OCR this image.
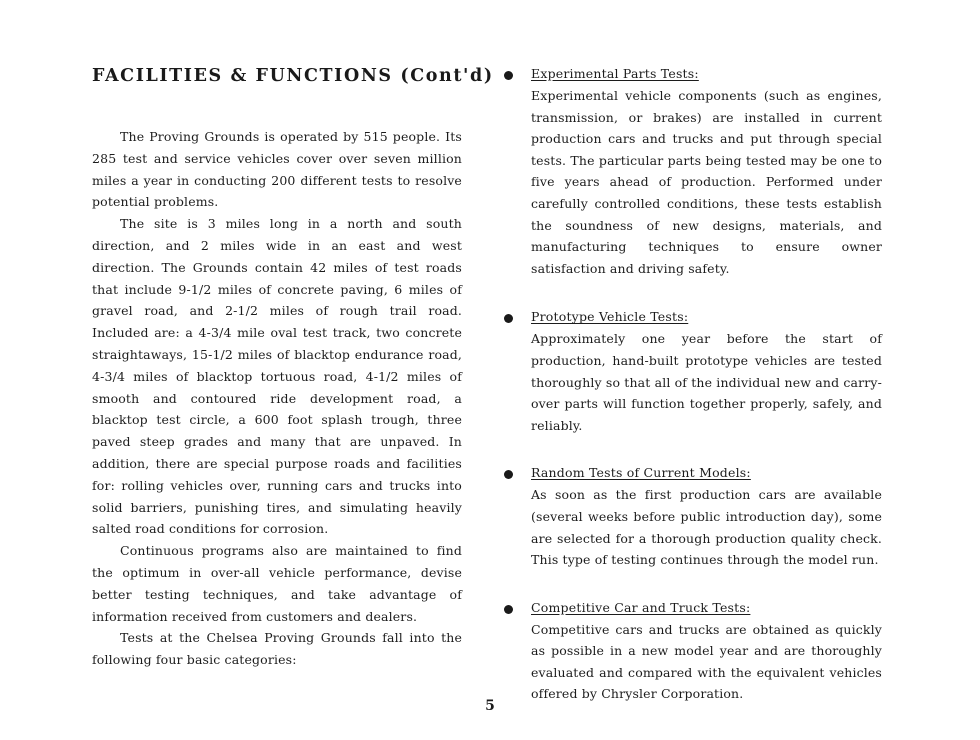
FACILITIES & FUNCTIONS (Cont'd)

The Proving Grounds is operated by 515 people. Its 285 test and service vehicles cover over seven million miles a year in conducting 200 different tests to resolve potential problems.

The site is 3 miles long in a north and south direction, and 2 miles wide in an east and west direction. The Grounds contain 42 miles of test roads that include 9-1/2 miles of concrete paving, 6 miles of gravel road, and 2-1/2 miles of rough trail road. Included are: a 4-3/4 mile oval test track, two concrete straightaways, 15-1/2 miles of blacktop endurance road, 4-3/4 miles of blacktop tortuous road, 4-1/2 miles of smooth and contoured ride development road, a blacktop test circle, a 600 foot splash trough, three paved steep grades and many that are unpaved. In addition, there are special purpose roads and facilities for: rolling vehicles over, running cars and trucks into solid barriers, punishing tires, and simulating heavily salted road conditions for corrosion.

Continuous programs also are maintained to find the optimum in over-all vehicle performance, devise better testing techniques, and take advantage of information received from customers and dealers.

Tests at the Chelsea Proving Grounds fall into the following four basic categories:

Experimental Parts Tests:

Experimental vehicle components (such as engines, transmission, or brakes) are installed in current production cars and trucks and put through special tests. The particular parts being tested may be one to five years ahead of production. Performed under carefully controlled conditions, these tests establish the soundness of new designs, materials, and manufacturing techniques to ensure owner satisfaction and driving safety.

Prototype Vehicle Tests:

Approximately one year before the start of production, hand-built prototype vehicles are tested thoroughly so that all of the individual new and carry-over parts will function together properly, safely, and reliably.

Random Tests of Current Models:

As soon as the first production cars are available (several weeks before public introduction day), some are selected for a thorough production quality check. This type of testing continues through the model run.

Competitive Car and Truck Tests:

Competitive cars and trucks are obtained as quickly as possible in a new model year and are thoroughly evaluated and compared with the equivalent vehicles offered by Chrysler Corporation.

5
